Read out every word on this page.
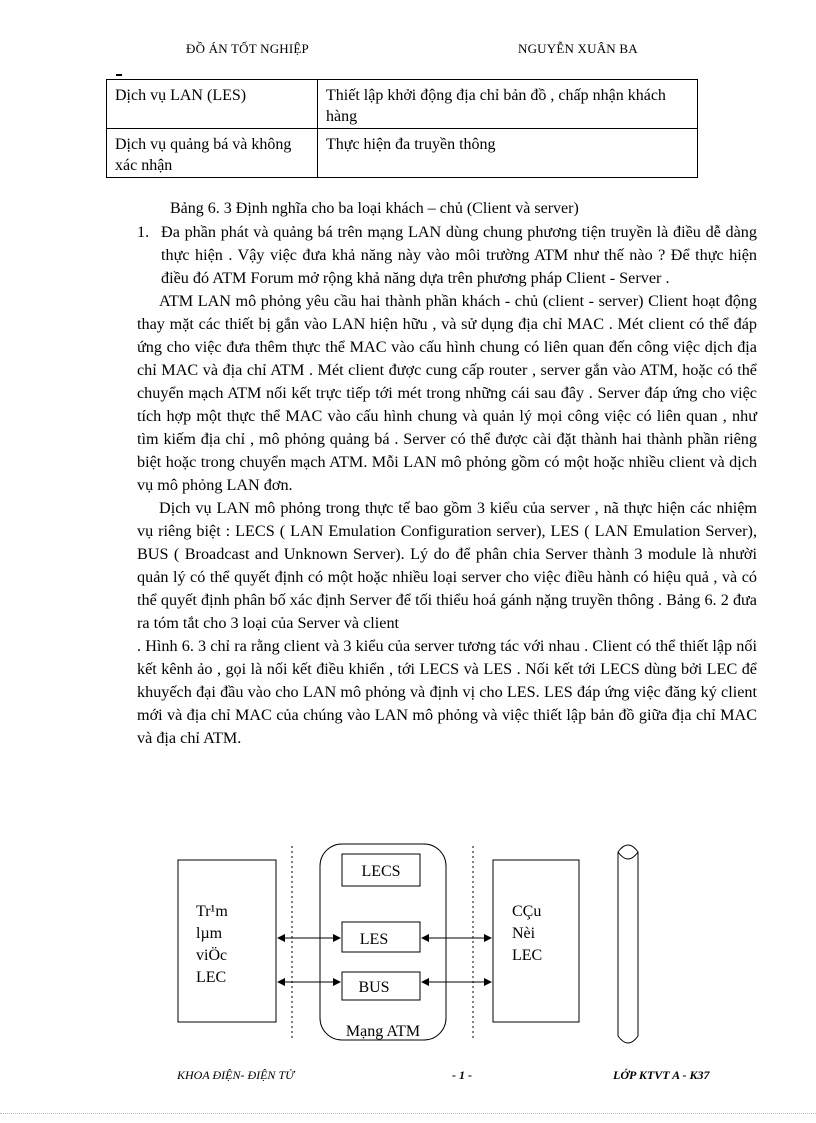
ĐỒ ÁN TỐT NGHIỆP	NGUYỄN XUÂN BA
Dịch vụ LAN (LES)	Thiết lập khởi động địa chỉ bản đồ , chấp nhận khách hàng
Dịch vụ quảng bá và không xác nhận	Thực hiện đa truyền thông
Bảng 6. 3 Định nghĩa cho ba loại khách – chủ (Client và server)

1. Đa phần phát và quảng bá trên mạng LAN dùng chung phương tiện truyền là điều dễ dàng thực hiện . Vậy việc đưa khả năng này vào môi trường ATM như thế nào ? Để thực hiện điều đó ATM Forum mở rộng khả năng dựa trên phương pháp Client - Server .

ATM LAN mô phỏng yêu cầu hai thành phần khách - chủ (client - server) Client hoạt động thay mặt các thiết bị gắn vào LAN hiện hữu , và sử dụng địa chỉ MAC . Mét client có thể đáp ứng cho việc đưa thêm thực thể MAC vào cấu hình chung có liên quan đến công việc dịch địa chỉ MAC và địa chỉ ATM . Mét client được cung cấp router , server gắn vào ATM, hoặc có thể chuyển mạch ATM nối kết trực tiếp tới mét trong những cái sau đây . Server đáp ứng cho việc tích hợp một thực thể MAC vào cấu hình chung và quản lý mọi công việc có liên quan , như tìm kiếm địa chỉ , mô phỏng quảng bá . Server có thể được cài đặt thành hai thành phần riêng biệt hoặc trong chuyển mạch ATM. Mỗi LAN mô phỏng gồm có một hoặc nhiều client và dịch vụ mô phỏng LAN đơn.

Dịch vụ LAN mô phỏng trong thực tế bao gồm 3 kiểu của server , nã thực hiện các nhiệm vụ riêng biệt : LECS ( LAN Emulation Configuration server), LES ( LAN Emulation Server), BUS ( Broadcast and Unknown Server). Lý do để phân chia Server thành 3 module là nhười quản lý có thể quyết định có một hoặc nhiều loại server cho việc điều hành có hiệu quả , và có thể quyết định phân bố xác định Server để tối thiểu hoá gánh nặng truyền thông . Bảng 6. 2 đưa ra tóm tắt cho 3 loại của Server và client

. Hình 6. 3 chỉ ra rằng client và 3 kiểu của server tương tác với nhau . Client có thể thiết lập nối kết kênh ảo , gọi là nối kết điều khiển , tới LECS và LES . Nối kết tới LECS dùng bởi LEC để khuyếch đại đầu vào cho LAN mô phỏng và định vị cho LES. LES đáp ứng việc đăng ký client mới và địa chỉ MAC của chúng vào LAN mô phỏng và việc thiết lập bản đồ giữa địa chỉ MAC và địa chỉ ATM.

Tr¹m
lµm
viÖc
LEC
LECS
LES
BUS
Mạng ATM
CÇu
Nèi
LEC
KHOA ĐIỆN- ĐIỆN TỬ	- 1 -	LỚP KTVT A - K37
